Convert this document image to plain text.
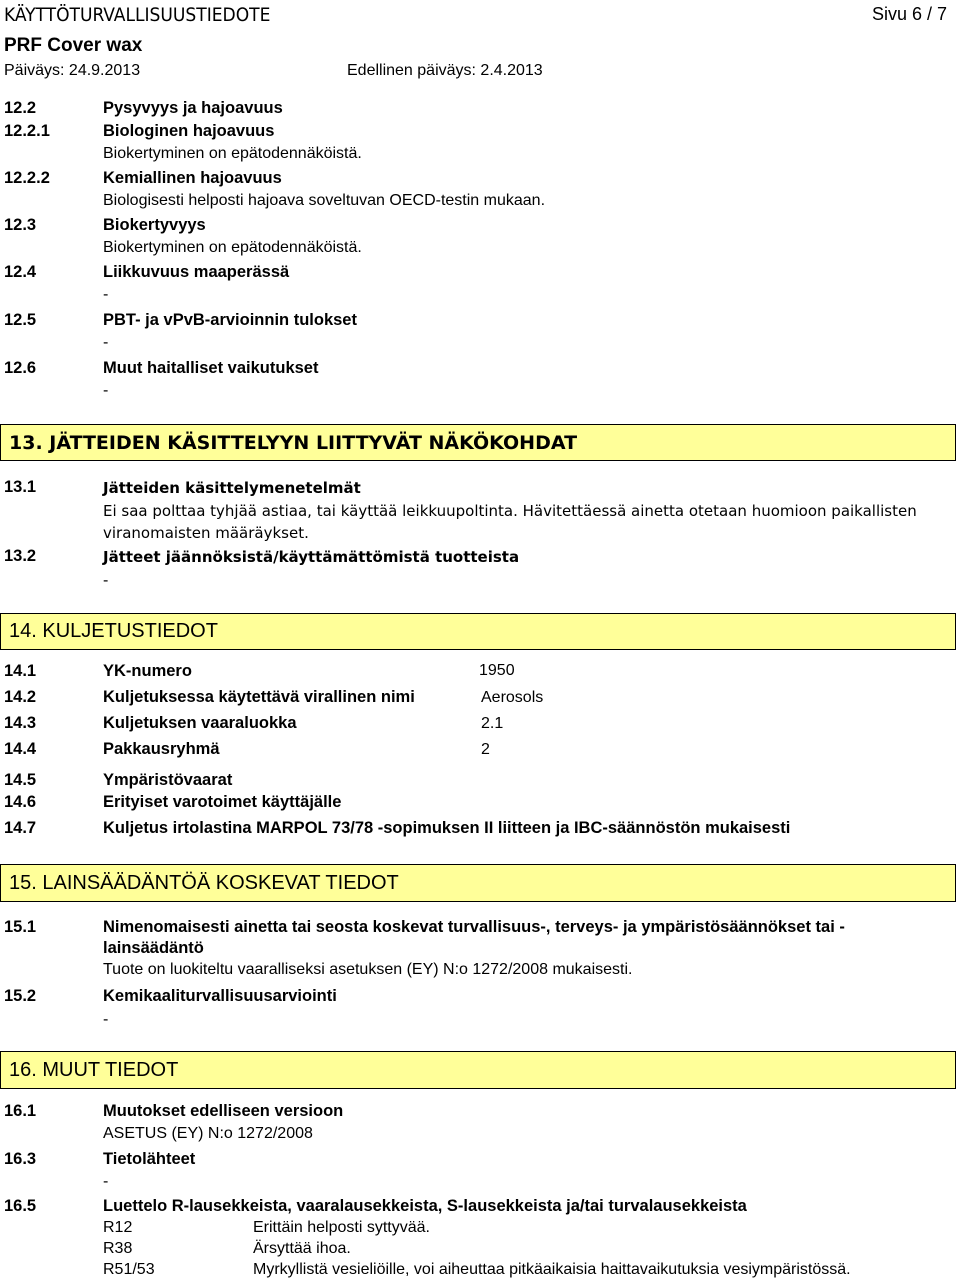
KÄYTTÖTURVALLISUUSTIEDOTE	Sivu 6 / 7
PRF Cover wax
Päiväys: 24.9.2013	Edellinen päiväys: 2.4.2013
12.2	Pysyvyys ja hajoavuus
12.2.1	Biologinen hajoavuus
Biokertyminen on epätodennäköistä.
12.2.2	Kemiallinen hajoavuus
Biologisesti helposti hajoava soveltuvan OECD-testin mukaan.
12.3	Biokertyvyys
Biokertyminen on epätodennäköistä.
12.4	Liikkuvuus maaperässä
-
12.5	PBT- ja vPvB-arvioinnin tulokset
-
12.6	Muut haitalliset vaikutukset
-
13. JÄTTEIDEN KÄSITTELYYN LIITTYVÄT NÄKÖKOHDAT
13.1	Jätteiden käsittelymenetelmät
Ei saa polttaa tyhjää astiaa, tai käyttää leikkuupoltinta. Hävitettäessä ainetta otetaan huomioon paikallisten
viranomaisten määräykset.
13.2	Jätteet jäännöksistä/käyttämättömistä tuotteista
-
14. KULJETUSTIEDOT
14.1	YK-numero	1950
14.2	Kuljetuksessa käytettävä virallinen nimi	Aerosols
14.3	Kuljetuksen vaaraluokka	2.1
14.4	Pakkausryhmä	2
14.5	Ympäristövaarat
14.6	Erityiset varotoimet käyttäjälle
14.7	Kuljetus irtolastina MARPOL 73/78 -sopimuksen II liitteen ja IBC-säännöstön mukaisesti
15. LAINSÄÄDÄNTÖÄ KOSKEVAT TIEDOT
15.1	Nimenomaisesti ainetta tai seosta koskevat turvallisuus-, terveys- ja ympäristösäännökset tai -
lainsäädäntö
Tuote on luokiteltu vaaralliseksi asetuksen (EY) N:o 1272/2008 mukaisesti.
15.2	Kemikaaliturvallisuusarviointi
-
16. MUUT TIEDOT
16.1	Muutokset edelliseen versioon
ASETUS (EY) N:o 1272/2008
16.3	Tietolähteet
-
16.5	Luettelo R-lausekkeista, vaaralausekkeista, S-lausekkeista ja/tai turvalausekkeista
R12	Erittäin helposti syttyvää.
R38	Ärsyttää ihoa.
R51/53	Myrkyllistä vesieliöille, voi aiheuttaa pitkäaikaisia haittavaikutuksia vesiympäristössä.
